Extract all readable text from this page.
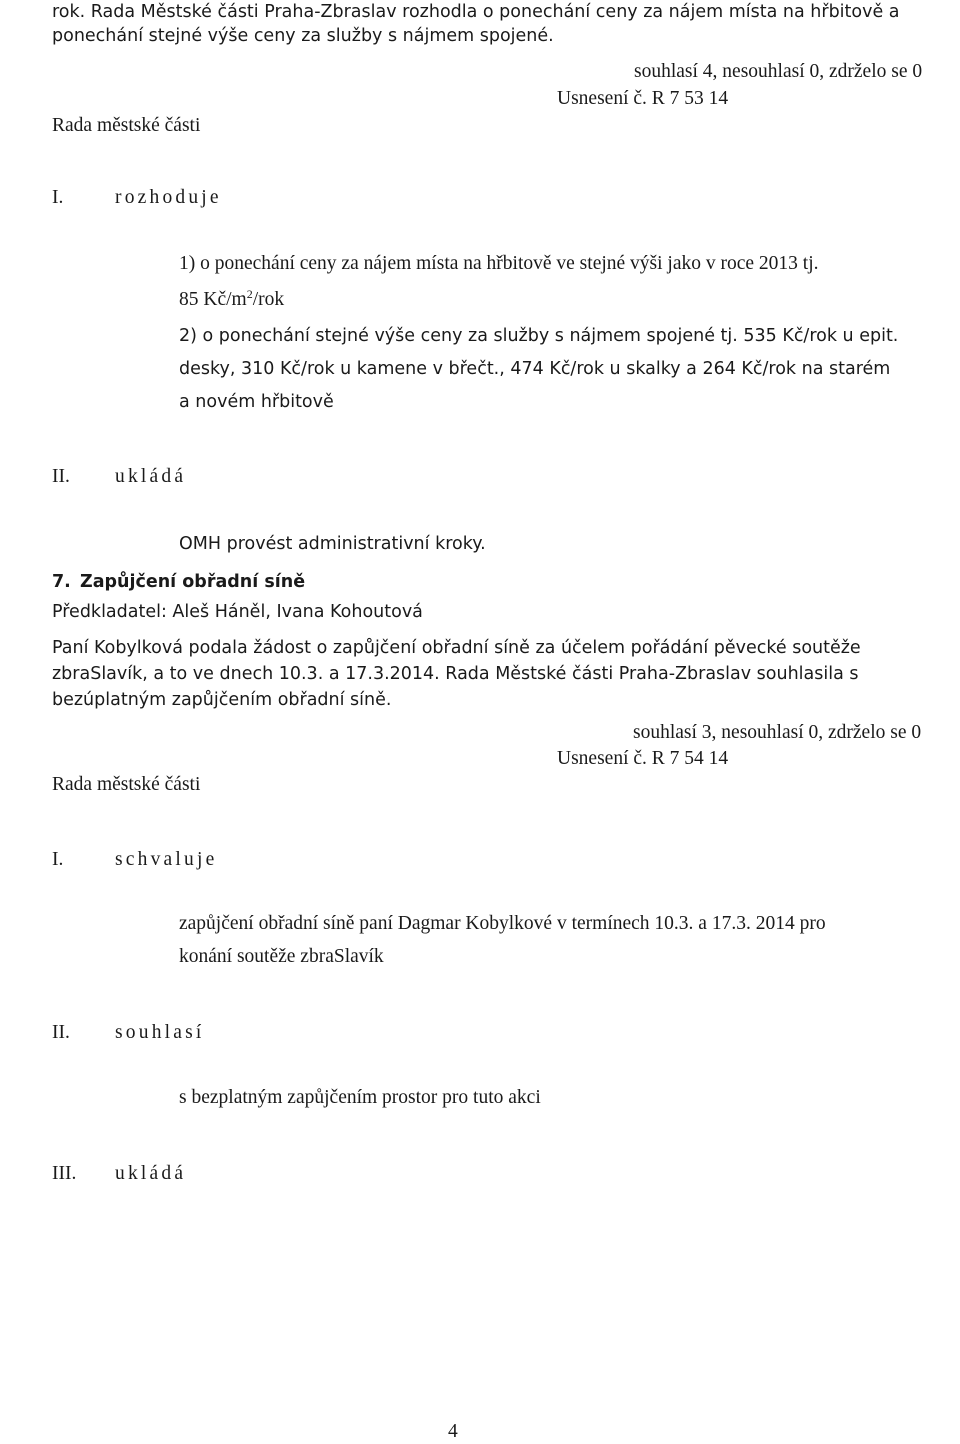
rok. Rada Městské části Praha-Zbraslav rozhodla o ponechání ceny za nájem místa na hřbitově a
ponechání stejné výše ceny za služby s nájmem spojené.
souhlasí 4, nesouhlasí 0, zdrželo se 0
Usnesení č. R 7 53 14
Rada městské části
I.	rozhoduje
1) o ponechání ceny za nájem místa na hřbitově ve stejné výši jako v roce 2013 tj.
85 $Kč/m^2$/rok
2) o ponechání stejné výše ceny za služby s nájmem spojené tj. 535 Kč/rok u epit.
desky, 310 Kč/rok u kamene v břečt., 474 Kč/rok u skalky a 264 Kč/rok na starém
a novém hřbitově
II. ukládá
OMH provést administrativní kroky.
7. Zapůjčení obřadní síně
Předkladatel: Aleš Háněl, Ivana Kohoutová
Paní Kobylková podala žádost o zapůjčení obřadní síně za účelem pořádání pěvecké soutěže
zbraSlavík, a to ve dnech 10.3. a 17.3.2014. Rada Městské části Praha-Zbraslav souhlasila s
bezúplatným zapůjčením obřadní síně.
souhlasí 3, nesouhlasí 0, zdrželo se 0
Usnesení č. R 7 54 14
Rada městské části
I.	schvaluje
zapůjčení obřadní síně paní Dagmar Kobylkové v termínech 10.3. a 17.3. 2014 pro
konání soutěže zbraSlavík
II. souhlasí
s bezplatným zapůjčením prostor pro tuto akci
III. ukládá
4
